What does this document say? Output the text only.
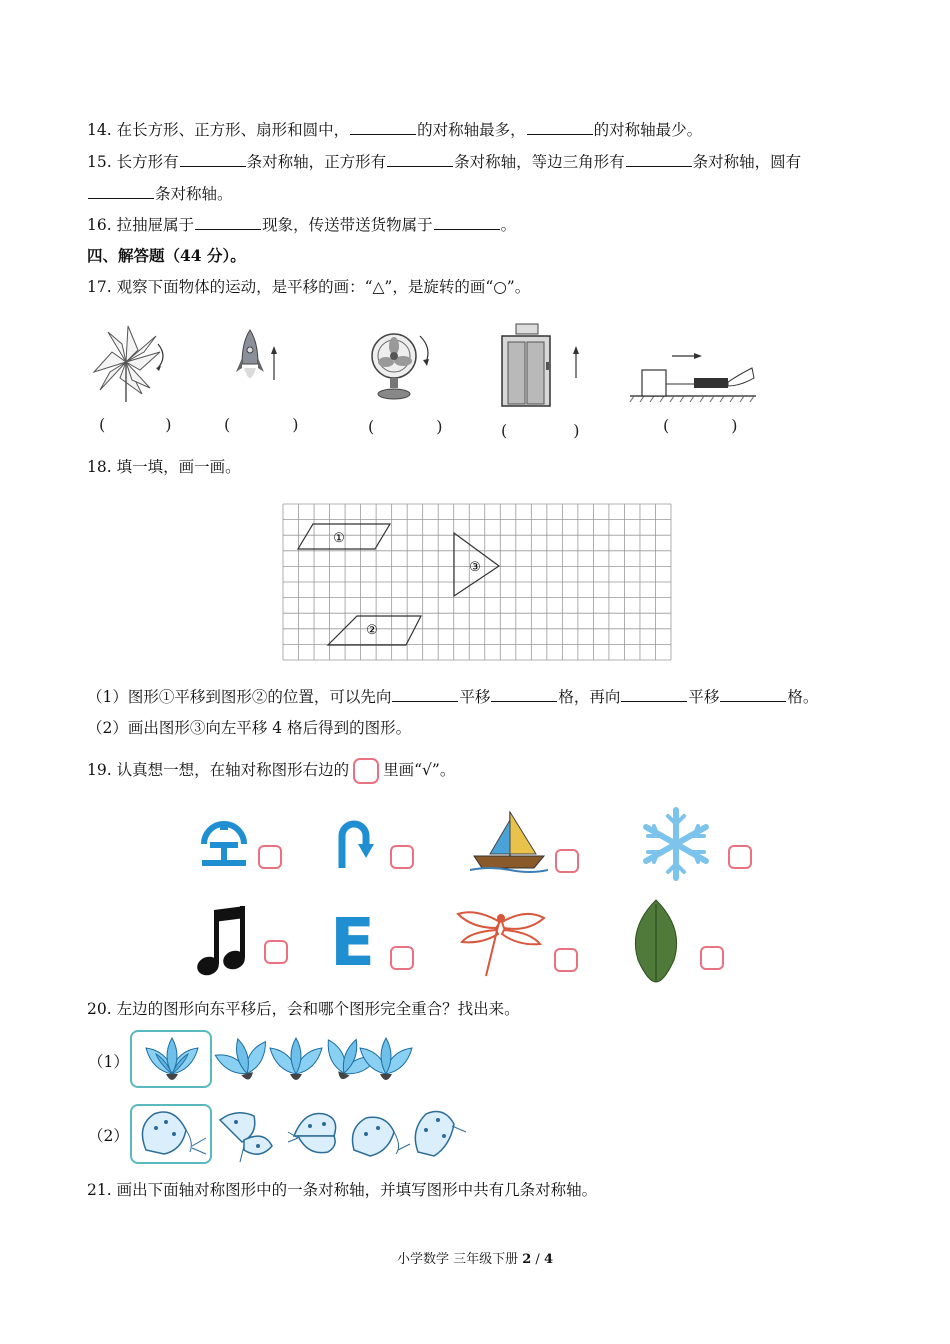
14. 在长方形、正方形、扇形和圆中，	的对称轴最多，	的对称轴最少。
15. 长方形有	条对称轴，正方形有	条对称轴，等边三角形有	条对称轴，圆有
条对称轴。
16. 拉抽屉属于	现象，传送带送货物属于	。
四、解答题（44 分）。
17. 观察下面物体的运动，是平移的画：“△”，是旋转的画“○”。
(	)	(	)	(	)	(	)	(	)
18. 填一填，画一画。
①
②
③
（1）图形①平移到图形②的位置，可以先向	平移	格，再向	平移	格。
（2）画出图形③向左平移 4 格后得到的图形。
19. 认真想一想，在轴对称图形右边的 里画“√”。
E
20. 左边的图形向东平移后，会和哪个图形完全重合？找出来。
（1）
（2）
21. 画出下面轴对称图形中的一条对称轴，并填写图形中共有几条对称轴。
小学数学 三年级下册 2 / 4
